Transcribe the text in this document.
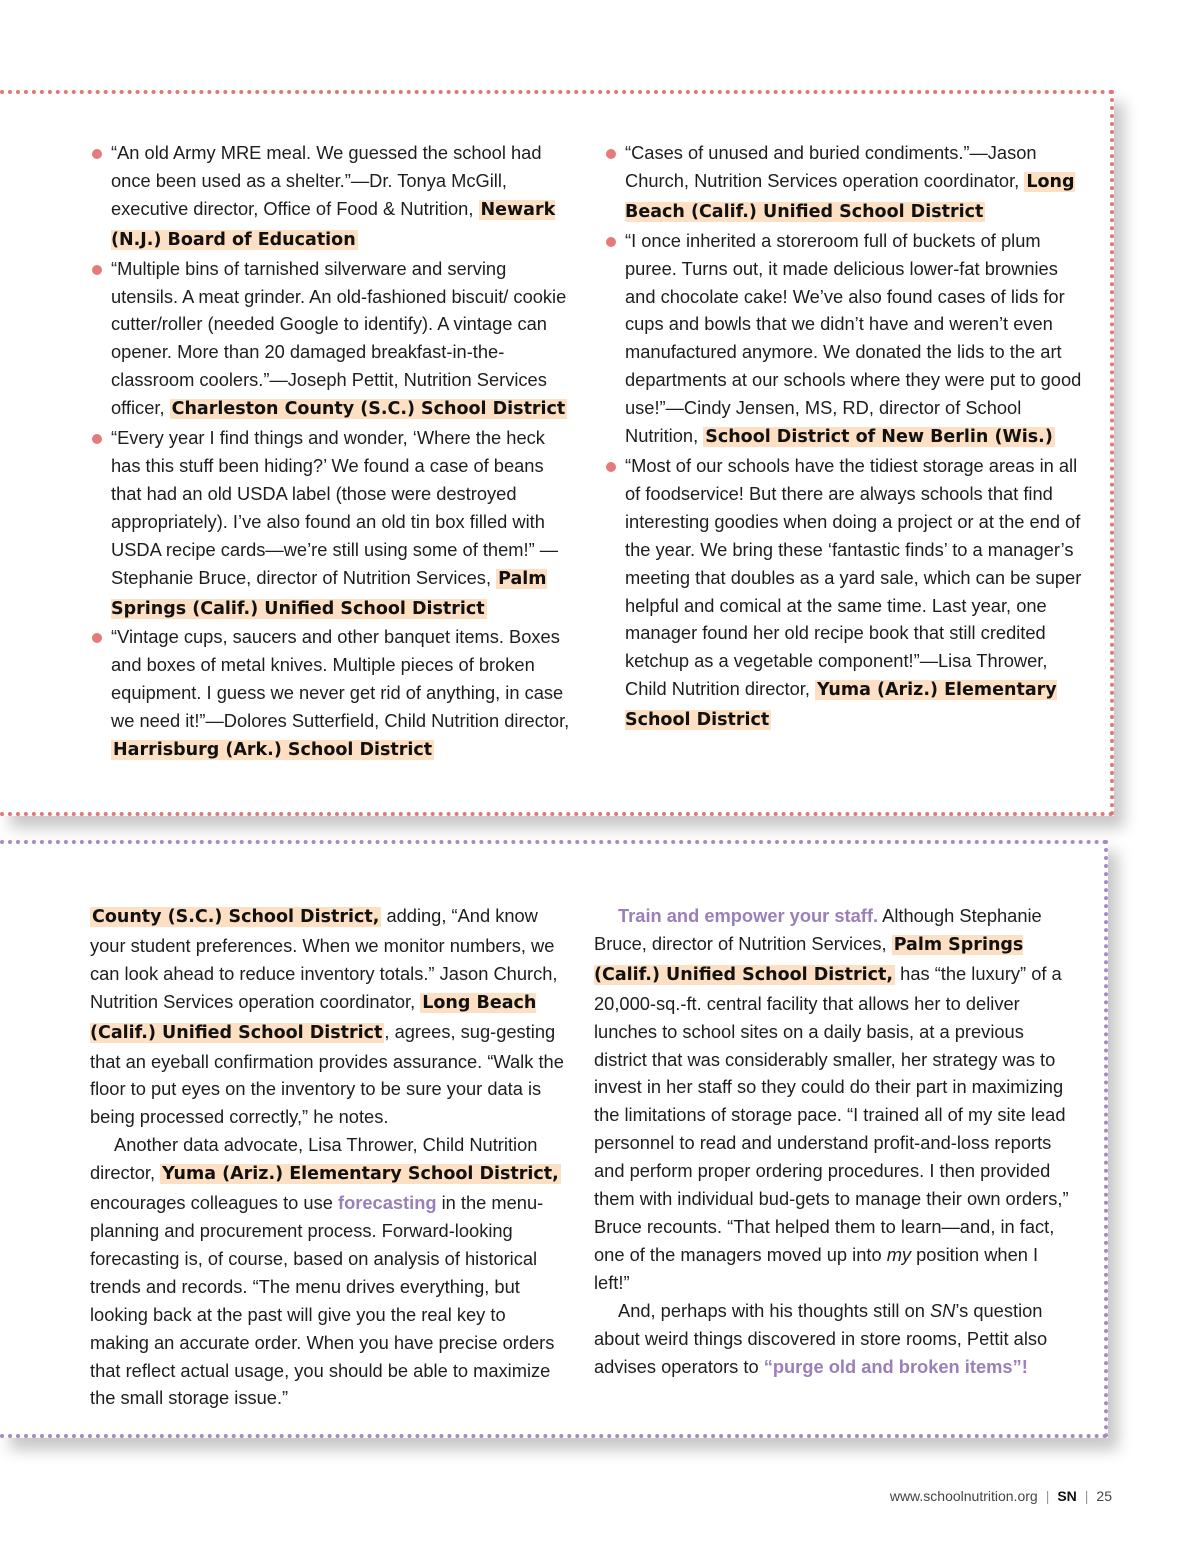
“An old Army MRE meal. We guessed the school had once been used as a shelter.”—Dr. Tonya McGill, executive director, Office of Food & Nutrition, Newark (N.J.) Board of Education
“Multiple bins of tarnished silverware and serving utensils. A meat grinder. An old-fashioned biscuit/ cookie cutter/roller (needed Google to identify). A vintage can opener. More than 20 damaged breakfast-in-the-classroom coolers.”—Joseph Pettit, Nutrition Services officer, Charleston County (S.C.) School District
“Every year I find things and wonder, ‘Where the heck has this stuff been hiding?’ We found a case of beans that had an old USDA label (those were destroyed appropriately). I’ve also found an old tin box filled with USDA recipe cards—we’re still using some of them!” —Stephanie Bruce, director of Nutrition Services, Palm Springs (Calif.) Unified School District
“Vintage cups, saucers and other banquet items. Boxes and boxes of metal knives. Multiple pieces of broken equipment. I guess we never get rid of anything, in case we need it!”—Dolores Sutterfield, Child Nutrition director, Harrisburg (Ark.) School District
“Cases of unused and buried condiments.”—Jason Church, Nutrition Services operation coordinator, Long Beach (Calif.) Unified School District
“I once inherited a storeroom full of buckets of plum puree. Turns out, it made delicious lower-fat brownies and chocolate cake! We’ve also found cases of lids for cups and bowls that we didn’t have and weren’t even manufactured anymore. We donated the lids to the art departments at our schools where they were put to good use!”—Cindy Jensen, MS, RD, director of School Nutrition, School District of New Berlin (Wis.)
“Most of our schools have the tidiest storage areas in all of foodservice! But there are always schools that find interesting goodies when doing a project or at the end of the year. We bring these ‘fantastic finds’ to a manager’s meeting that doubles as a yard sale, which can be super helpful and comical at the same time. Last year, one manager found her old recipe book that still credited ketchup as a vegetable component!”—Lisa Thrower, Child Nutrition director, Yuma (Ariz.) Elementary School District

County (S.C.) School District, adding, “And know your student preferences. When we monitor numbers, we can look ahead to reduce inventory totals.” Jason Church, Nutrition Services operation coordinator, Long Beach (Calif.) Unified School District , agrees, sug-gesting that an eyeball confirmation provides assurance. “Walk the floor to put eyes on the inventory to be sure your data is being processed correctly,” he notes.

Another data advocate, Lisa Thrower, Child Nutrition director, Yuma (Ariz.) Elementary School District, encourages colleagues to use forecasting in the menu-planning and procurement process. Forward-looking forecasting is, of course, based on analysis of historical trends and records. “The menu drives everything, but looking back at the past will give you the real key to making an accurate order. When you have precise orders that reflect actual usage, you should be able to maximize the small storage issue.”

Train and empower your staff. Although Stephanie Bruce, director of Nutrition Services, Palm Springs (Calif.) Unified School District, has “the luxury” of a 20,000-sq.-ft. central facility that allows her to deliver lunches to school sites on a daily basis, at a previous district that was considerably smaller, her strategy was to invest in her staff so they could do their part in maximizing the limitations of storage pace. “I trained all of my site lead personnel to read and understand profit-and-loss reports and perform proper ordering procedures. I then provided them with individual bud-gets to manage their own orders,” Bruce recounts. “That helped them to learn—and, in fact, one of the managers moved up into my position when I left!”

And, perhaps with his thoughts still on SN’s question about weird things discovered in store rooms, Pettit also advises operators to “purge old and broken items”!

www.schoolnutrition.org | SN | 25
